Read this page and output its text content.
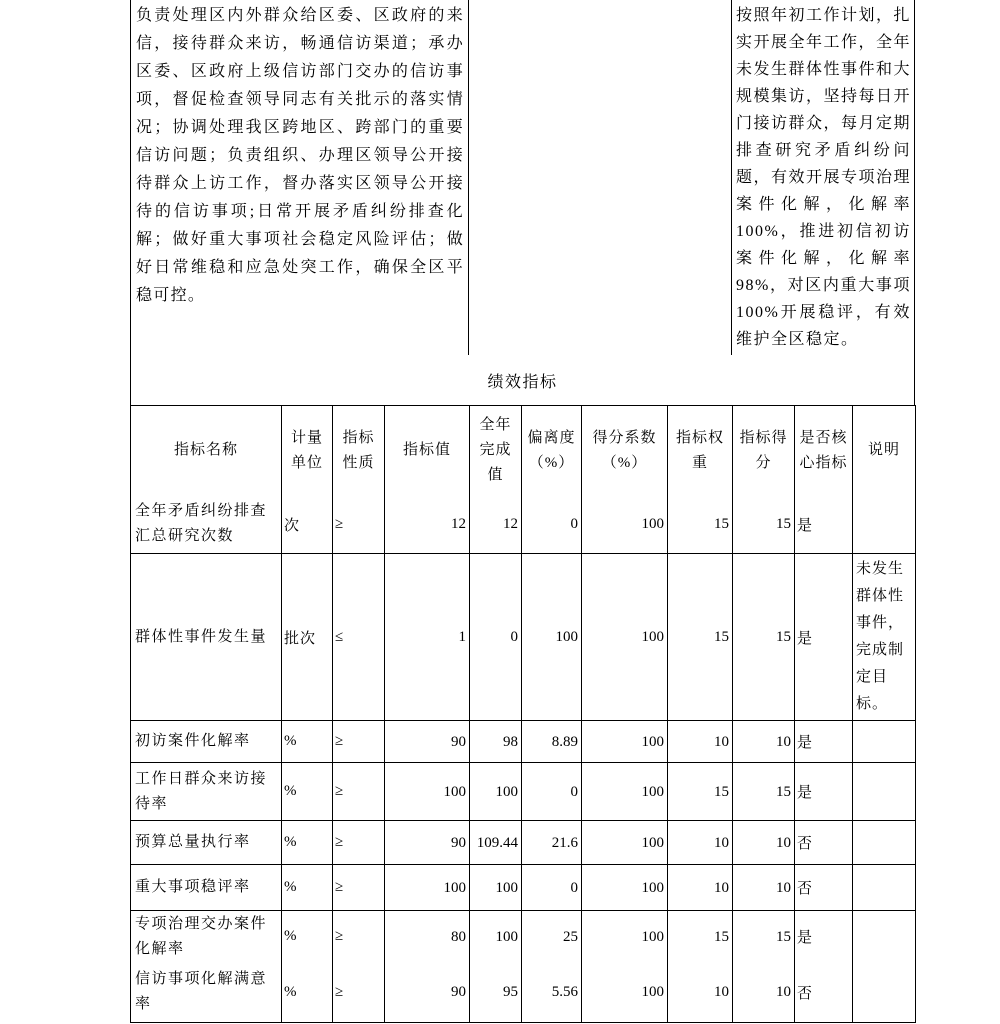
负责处理区内外群众给区委、区政府的来信，接待群众来访，畅通信访渠道；承办区委、区政府上级信访部门交办的信访事项，督促检查领导同志有关批示的落实情况；协调处理我区跨地区、跨部门的重要信访问题；负责组织、办理区领导公开接待群众上访工作，督办落实区领导公开接待的信访事项;日常开展矛盾纠纷排查化解；做好重大事项社会稳定风险评估；做好日常维稳和应急处突工作，确保全区平稳可控。
按照年初工作计划，扎实开展全年工作，全年未发生群体性事件和大规模集访，坚持每日开门接访群众，每月定期排查研究矛盾纠纷问题，有效开展专项治理案件化解，化解率100%，推进初信初访案件化解，化解率98%，对区内重大事项100%开展稳评，有效维护全区稳定。
绩效指标
指标名称	计量单位	指标性质	指标值	全年完成值	偏离度（%）	得分系数（%）	指标权重	指标得分	是否核心指标	说明
全年矛盾纠纷排查汇总研究次数	次	≥	12	12	0	100	15	15	是	
群体性事件发生量	批次	≤	1	0	100	100	15	15	是	未发生群体性事件，完成制定目标。
初访案件化解率	%	≥	90	98	8.89	100	10	10	是	
工作日群众来访接待率	%	≥	100	100	0	100	15	15	是	
预算总量执行率	%	≥	90	109.44	21.6	100	10	10	否	
重大事项稳评率	%	≥	100	100	0	100	10	10	否	
专项治理交办案件化解率	%	≥	80	100	25	100	15	15	是	
信访事项化解满意率	%	≥	90	95	5.56	100	10	10	否	
